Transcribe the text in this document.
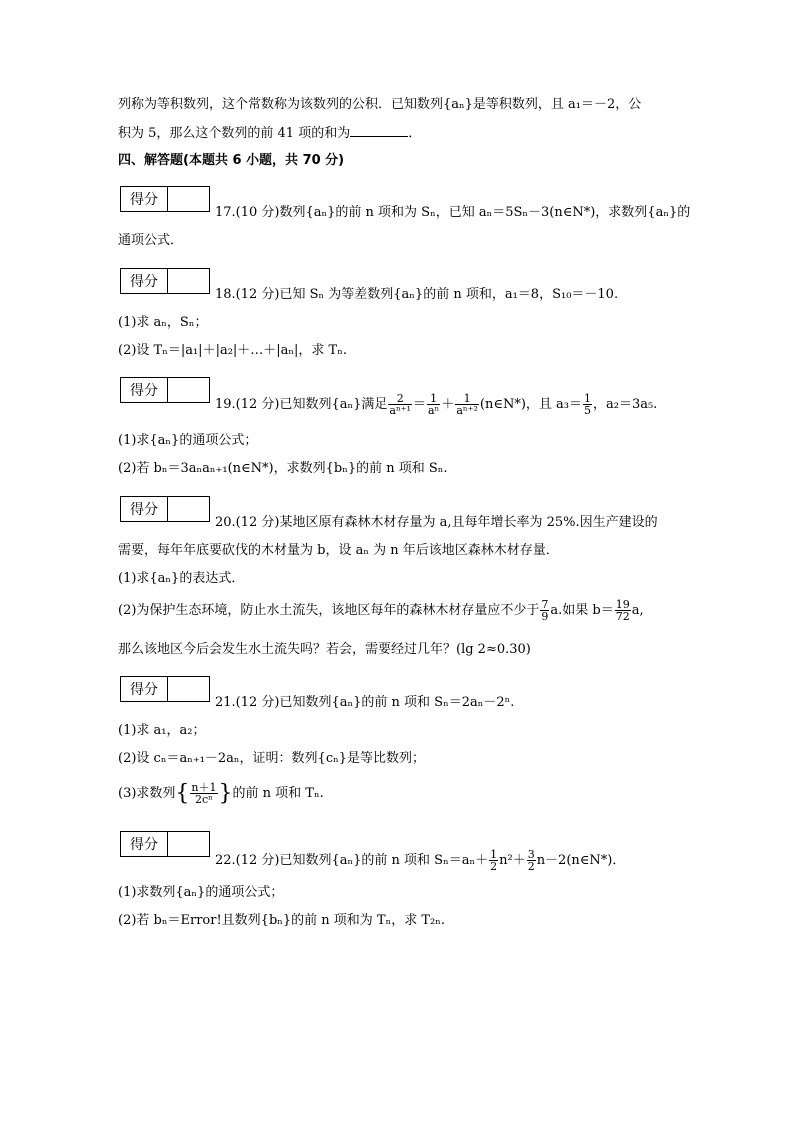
列称为等积数列，这个常数称为该数列的公积．已知数列{aₙ}是等积数列，且 a₁＝－2，公
积为 5，那么这个数列的前 41 项的和为	．
四、解答题(本题共 6 小题，共 70 分)
得分
17.(10 分)数列{aₙ}的前 n 项和为 Sₙ，已知 aₙ＝5Sₙ－3(n∈N*)，求数列{aₙ}的
通项公式．
得分
18.(12 分)已知 Sₙ 为等差数列{aₙ}的前 n 项和，a₁＝8，S₁₀＝－10.
(1)求 aₙ，Sₙ；
(2)设 Tₙ＝|a₁|＋|a₂|＋…＋|aₙ|，求 Tₙ.
得分
19.(12 分)已知数列{aₙ}满足 $\frac{2}{\text{aⁿ⁺¹}} = \frac{1}{\text{aⁿ}} + \frac{1}{\text{aⁿ⁺²}}$ (n∈N*)，且 $a_3= \frac{1}{5}$ ，a₂＝3a₅.
(1)求{aₙ}的通项公式；
(2)若 bₙ＝3aₙaₙ₊₁(n∈N*)，求数列{bₙ}的前 n 项和 Sₙ.
得分
20.(12 分)某地区原有森林木材存量为 a,且每年增长率为 25%.因生产建设的
需要，每年年底要砍伐的木材量为 b，设 aₙ 为 n 年后该地区森林木材存量．
(1)求{aₙ}的表达式．
(2)为保护生态环境，防止水土流失，该地区每年的森林木材存量应不少于 $\frac{7}{9} a$.如果 $b= \frac{19}{72} a$,
那么该地区今后会发生水土流失吗？若会，需要经过几年？(lg 2≈0.30)
得分
21.(12 分)已知数列{aₙ}的前 n 项和 Sₙ＝2aₙ－2ⁿ.
(1)求 a₁，a₂；
(2)设 cₙ＝aₙ₊₁－2aₙ，证明：数列{cₙ}是等比数列；
(3)求数列{ $\frac{n+1}{\text{2cⁿ}}$ }的前 n 项和 Tₙ.
得分
22.(12 分)已知数列{aₙ}的前 n 项和 $S_n=a_n+ \frac{1}{2} n^2+ \frac{3}{2}$ n－2(n∈N*)．
(1)求数列{aₙ}的通项公式；
(2)若 bₙ＝Error!且数列{bₙ}的前 n 项和为 Tₙ，求 T₂ₙ.
